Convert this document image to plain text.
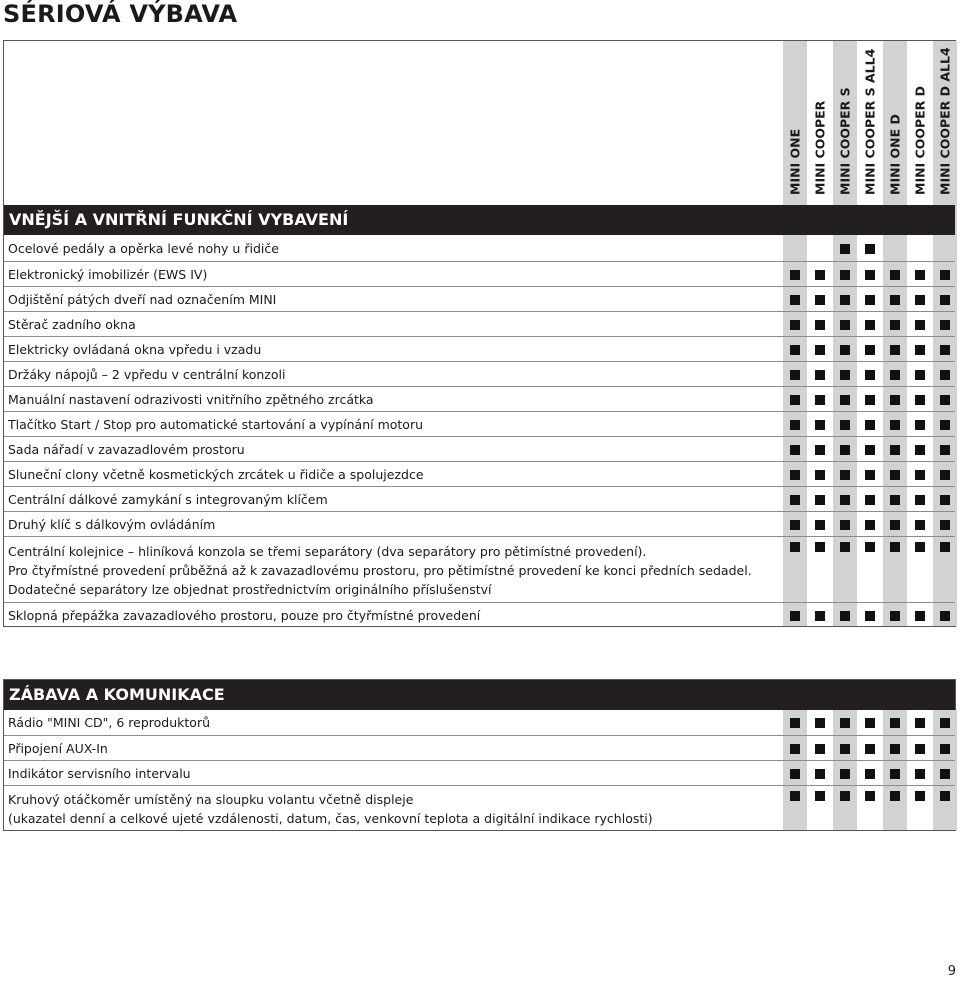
SÉRIOVÁ VÝBAVA
MINI ONE MINI COOPER MINI COOPER S MINI COOPER S ALL4 MINI ONE D MINI COOPER D MINI COOPER D ALL4
VNĚJŠÍ A VNITŘNÍ FUNKČNÍ VYBAVENÍ
Ocelové pedály a opěrka levé nohy u řidiče
Elektronický imobilizér (EWS IV)
Odjištění pátých dveří nad označením MINI
Stěrač zadního okna
Elektricky ovládaná okna vpředu i vzadu
Držáky nápojů – 2 vpředu v centrální konzoli
Manuální nastavení odrazivosti vnitřního zpětného zrcátka
Tlačítko Start / Stop pro automatické startování a vypínání motoru
Sada nářadí v zavazadlovém prostoru
Sluneční clony včetně kosmetických zrcátek u řidiče a spolujezdce
Centrální dálkové zamykání s integrovaným klíčem
Druhý klíč s dálkovým ovládáním
Centrální kolejnice – hliníková konzola se třemi separátory (dva separátory pro pětimístné provedení).
Pro čtyřmístné provedení průběžná až k zavazadlovému prostoru, pro pětimístné provedení ke konci předních sedadel.
Dodatečné separátory lze objednat prostřednictvím originálního příslušenství
Sklopná přepážka zavazadlového prostoru, pouze pro čtyřmístné provedení
ZÁBAVA A KOMUNIKACE
Rádio "MINI CD", 6 reproduktorů
Připojení AUX-In
Indikátor servisního intervalu
Kruhový otáčkoměr umístěný na sloupku volantu včetně displeje
(ukazatel denní a celkové ujeté vzdálenosti, datum, čas, venkovní teplota a digitální indikace rychlosti)
9
